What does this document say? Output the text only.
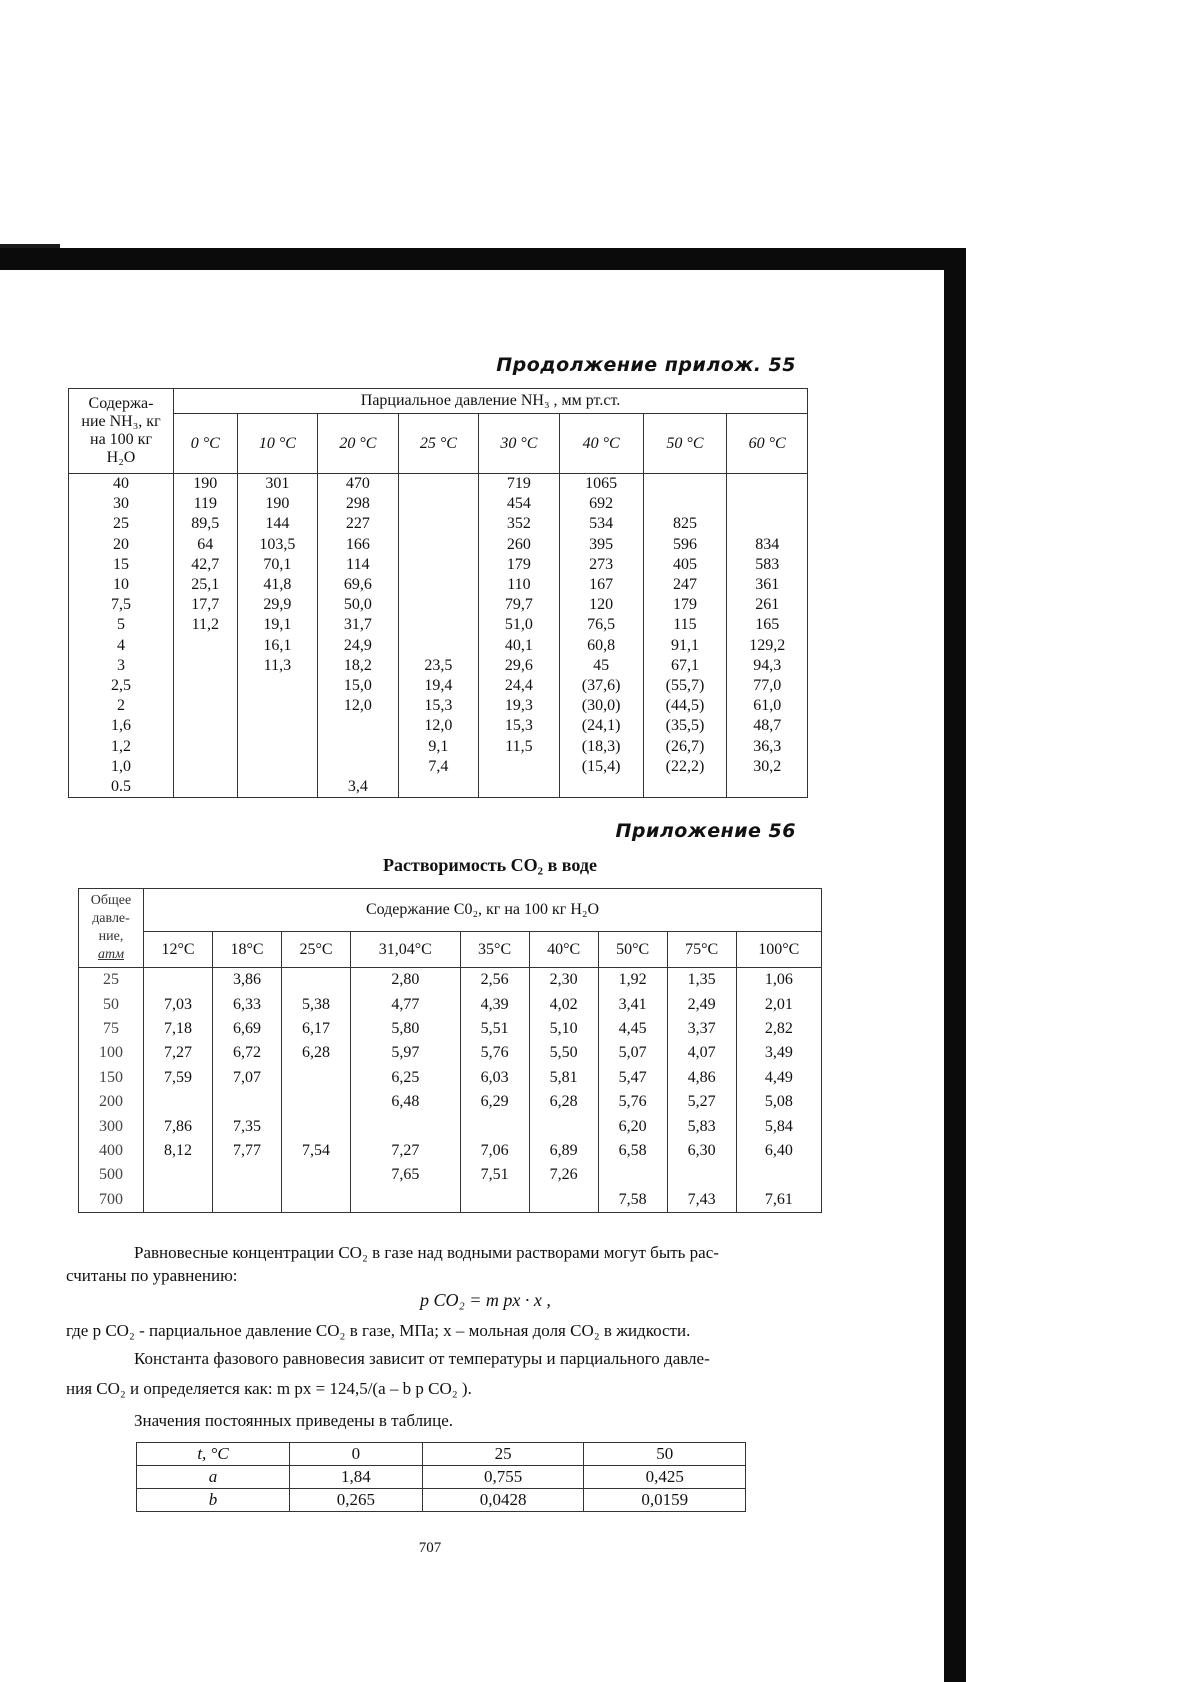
Продолжение прилож. 55
Содержа-
ние NH₃, кг
на 100 кг
H₂O	Парциальное давление NH₃ , мм рт.ст.							
	0 °C	10 °C	20 °C	25 °C	30 °C	40 °C	50 °C	60 °C
40	190	301	470		719	1065		
30	119	190	298		454	692		
25	89,5	144	227		352	534	825	
20	64	103,5	166		260	395	596	834
15	42,7	70,1	114		179	273	405	583
10	25,1	41,8	69,6		110	167	247	361
7,5	17,7	29,9	50,0		79,7	120	179	261
5	11,2	19,1	31,7		51,0	76,5	115	165
4		16,1	24,9		40,1	60,8	91,1	129,2
3		11,3	18,2	23,5	29,6	45	67,1	94,3
2,5			15,0	19,4	24,4	(37,6)	(55,7)	77,0
2			12,0	15,3	19,3	(30,0)	(44,5)	61,0
1,6				12,0	15,3	(24,1)	(35,5)	48,7
1,2				9,1	11,5	(18,3)	(26,7)	36,3
1,0				7,4		(15,4)	(22,2)	30,2
0.5			3,4					
Приложение 56
Растворимость CO₂ в воде
Общее
давле-
ние,
атм	Содержание C0₂, кг на 100 кг H₂O								
	12°C	18°C	25°C	31,04°C	35°C	40°C	50°C	75°C	100°C
25		3,86		2,80	2,56	2,30	1,92	1,35	1,06
50	7,03	6,33	5,38	4,77	4,39	4,02	3,41	2,49	2,01
75	7,18	6,69	6,17	5,80	5,51	5,10	4,45	3,37	2,82
100	7,27	6,72	6,28	5,97	5,76	5,50	5,07	4,07	3,49
150	7,59	7,07		6,25	6,03	5,81	5,47	4,86	4,49
200				6,48	6,29	6,28	5,76	5,27	5,08
300	7,86	7,35					6,20	5,83	5,84
400	8,12	7,77	7,54	7,27	7,06	6,89	6,58	6,30	6,40
500				7,65	7,51	7,26			
700							7,58	7,43	7,61
Равновесные концентрации CO₂ в газе над водными растворами могут быть рас-
считаны по уравнению:
p CO₂ = m px · x ,
где p CO₂ - парциальное давление CO₂ в газе, МПа; x – мольная доля CO₂ в жидкости.
Константа фазового равновесия зависит от температуры и парциального давле-
ния CO₂ и определяется как: m px = 124,5/(a – b p CO₂ ).
Значения постоянных приведены в таблице.
t, °C	0	25	50
a	1,84	0,755	0,425
b	0,265	0,0428	0,0159
707
